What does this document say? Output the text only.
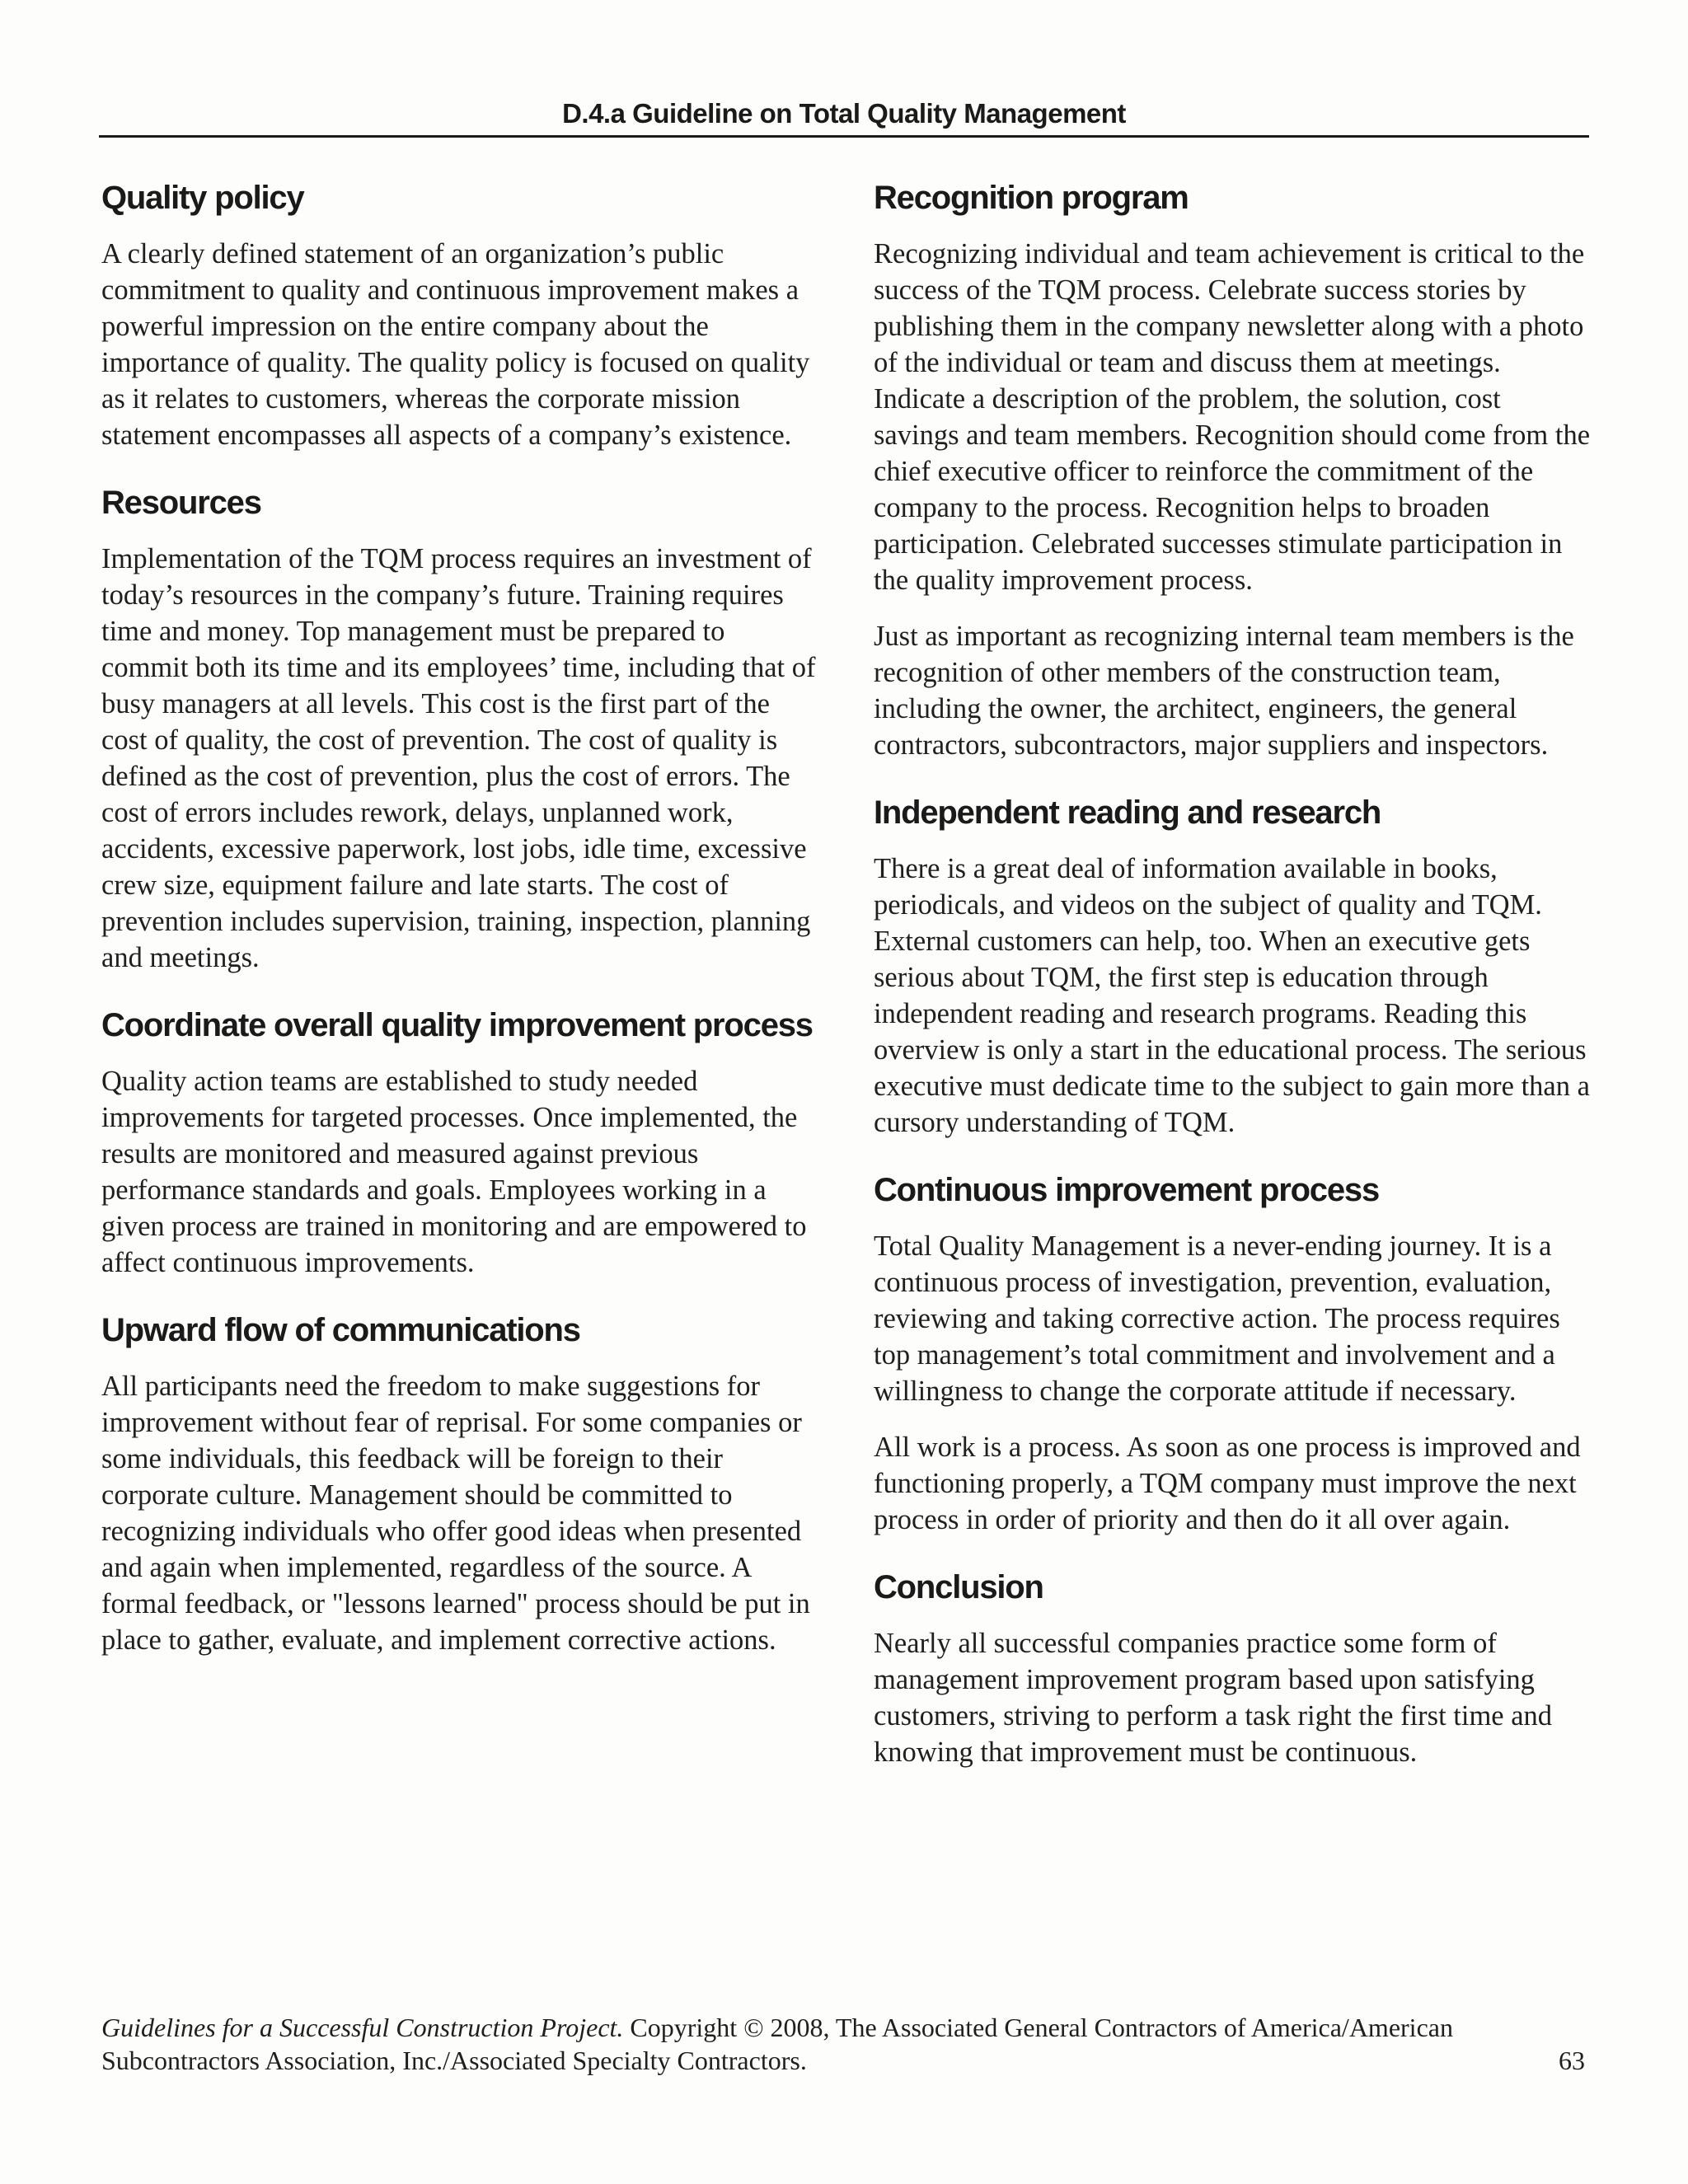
D.4.a Guideline on Total Quality Management
Quality policy

A clearly defined statement of an organization’s public commitment to quality and continuous improvement makes a powerful impression on the entire company about the importance of quality. The quality policy is focused on quality as it relates to customers, whereas the corporate mission statement encompasses all aspects of a company’s existence.

Resources

Implementation of the TQM process requires an investment of today’s resources in the company’s future. Training requires time and money. Top management must be prepared to commit both its time and its employees’ time, including that of busy managers at all levels. This cost is the first part of the cost of quality, the cost of prevention. The cost of quality is defined as the cost of prevention, plus the cost of errors. The cost of errors includes rework, delays, unplanned work, accidents, excessive paperwork, lost jobs, idle time, excessive crew size, equipment failure and late starts. The cost of prevention includes supervision, training, inspection, planning and meetings.

Coordinate overall quality improvement process

Quality action teams are established to study needed improvements for targeted processes. Once implemented, the results are monitored and measured against previous performance standards and goals. Employees working in a given process are trained in monitoring and are empowered to affect continuous improvements.

Upward flow of communications

All participants need the freedom to make suggestions for improvement without fear of reprisal. For some companies or some individuals, this feedback will be foreign to their corporate culture. Management should be committed to recognizing individuals who offer good ideas when presented and again when implemented, regardless of the source. A formal feedback, or "lessons learned" process should be put in place to gather, evaluate, and implement corrective actions.

Recognition program

Recognizing individual and team achievement is critical to the success of the TQM process. Celebrate success stories by publishing them in the company newsletter along with a photo of the individual or team and discuss them at meetings. Indicate a description of the problem, the solution, cost savings and team members. Recognition should come from the chief executive officer to reinforce the commitment of the company to the process. Recognition helps to broaden participation. Celebrated successes stimulate participation in the quality improvement process.

Just as important as recognizing internal team members is the recognition of other members of the construction team, including the owner, the architect, engineers, the general contractors, subcontractors, major suppliers and inspectors.

Independent reading and research

There is a great deal of information available in books, periodicals, and videos on the subject of quality and TQM. External customers can help, too. When an executive gets serious about TQM, the first step is education through independent reading and research programs. Reading this overview is only a start in the educational process. The serious executive must dedicate time to the subject to gain more than a cursory understanding of TQM.

Continuous improvement process

Total Quality Management is a never-ending journey. It is a continuous process of investigation, prevention, evaluation, reviewing and taking corrective action. The process requires top management’s total commitment and involvement and a willingness to change the corporate attitude if necessary.

All work is a process. As soon as one process is improved and functioning properly, a TQM company must improve the next process in order of priority and then do it all over again.

Conclusion

Nearly all successful companies practice some form of management improvement program based upon satisfying customers, striving to perform a task right the first time and knowing that improvement must be continuous.

Guidelines for a Successful Construction Project. Copyright © 2008, The Associated General Contractors of America/American
Subcontractors Association, Inc./Associated Specialty Contractors.	63
